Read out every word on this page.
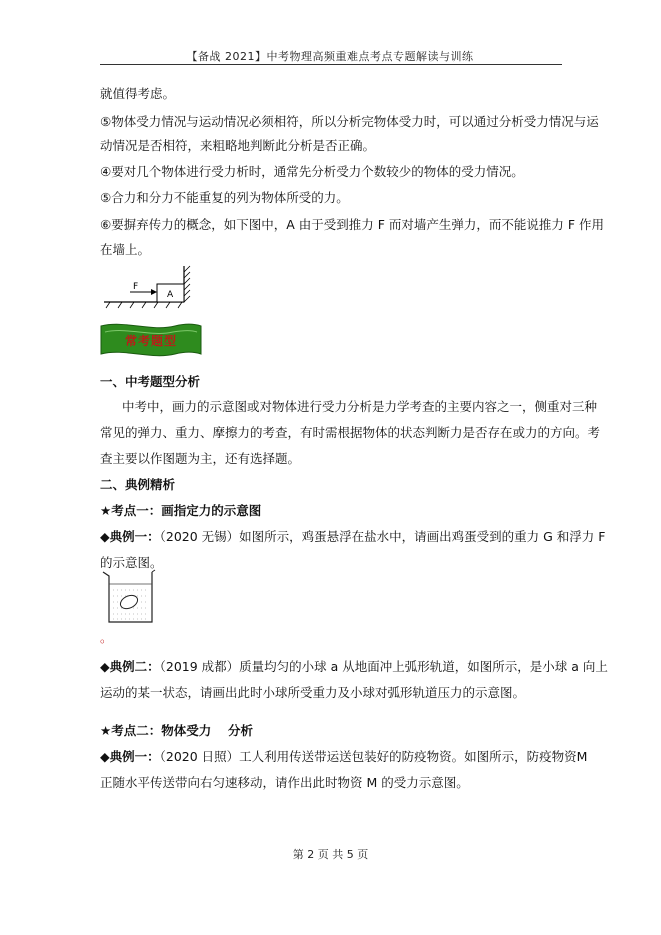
【备战 2021】中考物理高频重难点考点专题解读与训练
就值得考虑。
⑤物体受力情况与运动情况必须相符，所以分析完物体受力时，可以通过分析受力情况与运
动情况是否相符，来粗略地判断此分析是否正确。
④要对几个物体进行受力析时，通常先分析受力个数较少的物体的受力情况。
⑤合力和分力不能重复的列为物体所受的力。
⑥要摒弃传力的概念，如下图中，A 由于受到推力 F 而对墙产生弹力，而不能说推力 F 作用
在墙上。
F
A
常考题型
一、中考题型分析
中考中，画力的示意图或对物体进行受力分析是力学考查的主要内容之一，侧重对三种
常见的弹力、重力、摩擦力的考查，有时需根据物体的状态判断力是否存在或力的方向。考
查主要以作图题为主，还有选择题。
二、典例精析
★考点一：画指定力的示意图
◆典例一：（2020 无锡）如图所示，鸡蛋悬浮在盐水中，请画出鸡蛋受到的重力 G 和浮力 F
的示意图。
。
◆典例二：（2019 成都）质量均匀的小球 a 从地面冲上弧形轨道，如图所示，是小球 a 向上
运动的某一状态，请画出此时小球所受重力及小球对弧形轨道压力的示意图。
★考点二：物体受力　 分析
◆典例一：（2020 日照）工人利用传送带运送包装好的防疫物资。如图所示，防疫物资M
正随水平传送带向右匀速移动，请作出此时物资 M 的受力示意图。
第 2 页 共 5 页
